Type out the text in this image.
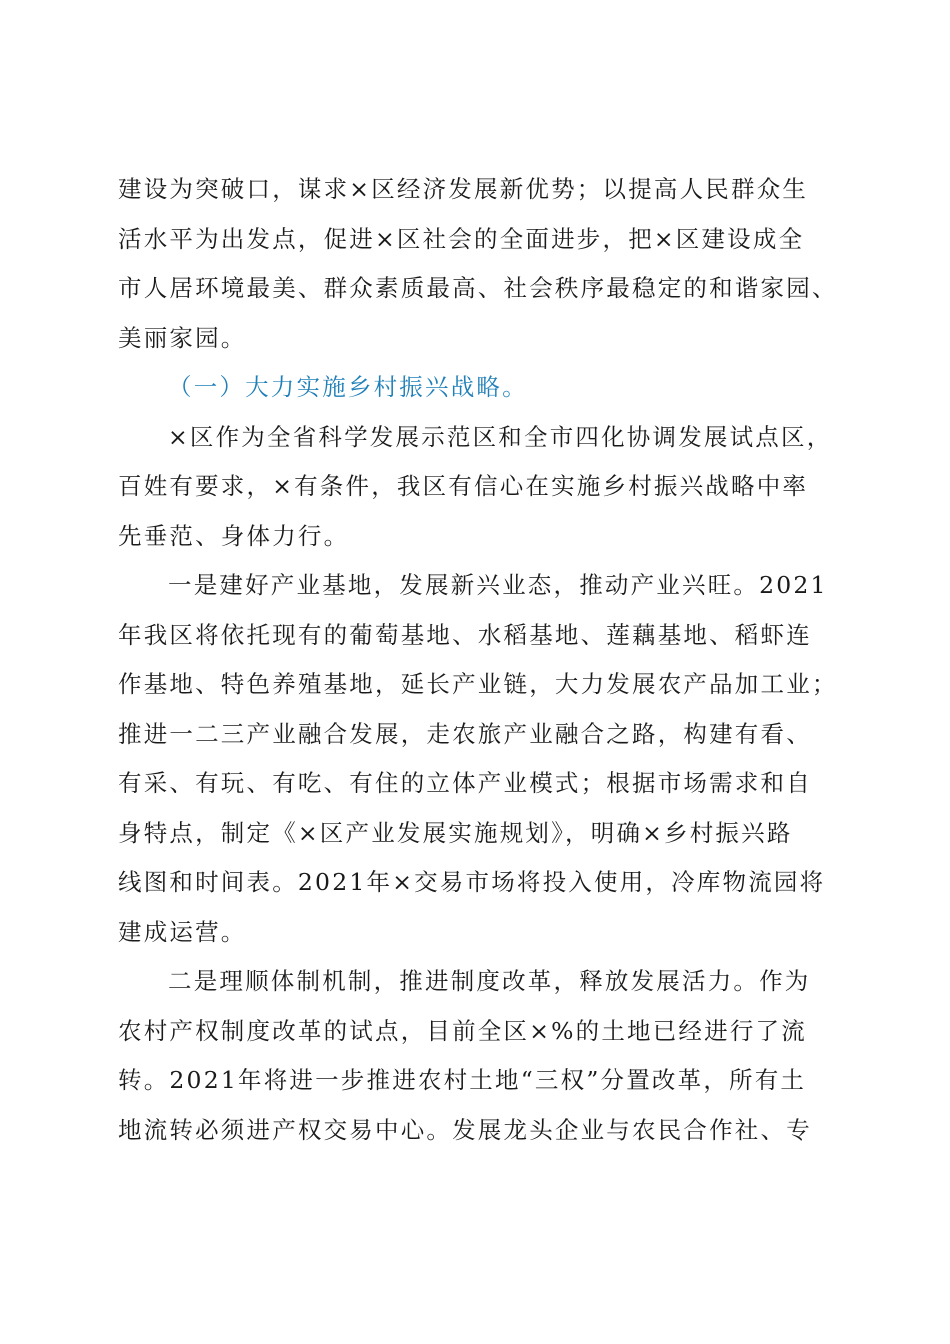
建设为突破口，谋求×区经济发展新优势；以提高人民群众生
活水平为出发点，促进×区社会的全面进步，把×区建设成全
市人居环境最美、群众素质最高、社会秩序最稳定的和谐家园、
美丽家园。
（一）大力实施乡村振兴战略。
×区作为全省科学发展示范区和全市四化协调发展试点区，
百姓有要求，×有条件，我区有信心在实施乡村振兴战略中率
先垂范、身体力行。
一是建好产业基地，发展新兴业态，推动产业兴旺。2021
年我区将依托现有的葡萄基地、水稻基地、莲藕基地、稻虾连
作基地、特色养殖基地，延长产业链，大力发展农产品加工业；
推进一二三产业融合发展，走农旅产业融合之路，构建有看、
有采、有玩、有吃、有住的立体产业模式；根据市场需求和自
身特点，制定《×区产业发展实施规划》，明确×乡村振兴路
线图和时间表。2021年×交易市场将投入使用，冷库物流园将
建成运营。
二是理顺体制机制，推进制度改革，释放发展活力。作为
农村产权制度改革的试点，目前全区×%的土地已经进行了流
转。2021年将进一步推进农村土地“三权”分置改革，所有土
地流转必须进产权交易中心。发展龙头企业与农民合作社、专
